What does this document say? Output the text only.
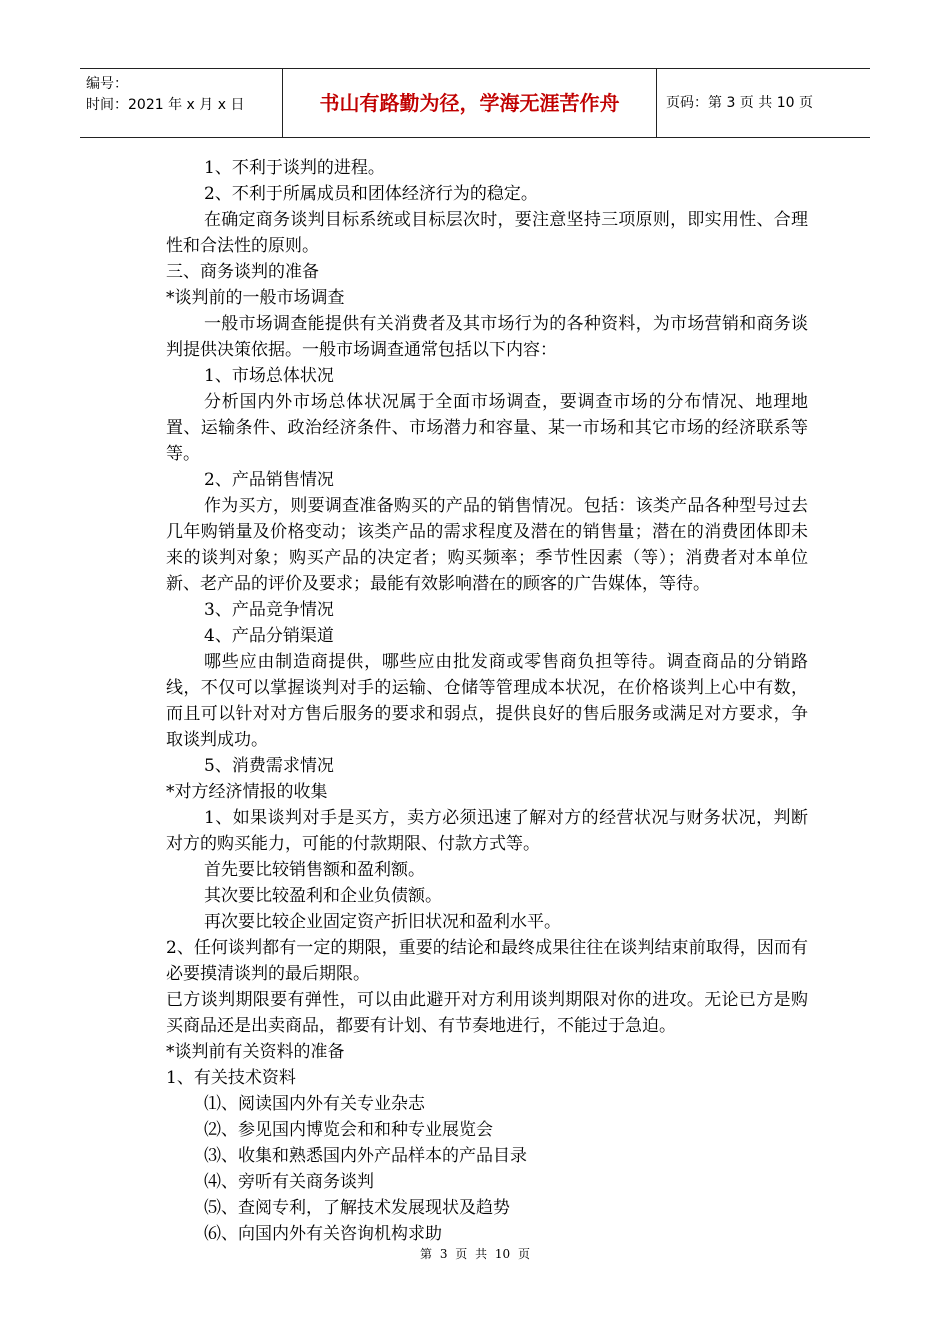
编号：
时间：2021 年 x 月 x 日	书山有路勤为径，学海无涯苦作舟	页码：第 3 页 共 10 页

1、不利于谈判的进程。

2、不利于所属成员和团体经济行为的稳定。

在确定商务谈判目标系统或目标层次时，要注意坚持三项原则，即实用性、合理性和合法性的原则。

三、商务谈判的准备

*谈判前的一般市场调查

一般市场调查能提供有关消费者及其市场行为的各种资料，为市场营销和商务谈判提供决策依据。一般市场调查通常包括以下内容：

1、市场总体状况

分析国内外市场总体状况属于全面市场调查，要调查市场的分布情况、地理地置、运输条件、政治经济条件、市场潜力和容量、某一市场和其它市场的经济联系等等。

2、产品销售情况

作为买方，则要调查准备购买的产品的销售情况。包括：该类产品各种型号过去几年购销量及价格变动；该类产品的需求程度及潜在的销售量；潜在的消费团体即未来的谈判对象；购买产品的决定者；购买频率；季节性因素（等）；消费者对本单位新、老产品的评价及要求；最能有效影响潜在的顾客的广告媒体，等待。

3、产品竞争情况

4、产品分销渠道

哪些应由制造商提供，哪些应由批发商或零售商负担等待。调查商品的分销路线，不仅可以掌握谈判对手的运输、仓储等管理成本状况，在价格谈判上心中有数，而且可以针对对方售后服务的要求和弱点，提供良好的售后服务或满足对方要求，争取谈判成功。

5、消费需求情况

*对方经济情报的收集

1、如果谈判对手是买方，卖方必须迅速了解对方的经营状况与财务状况，判断对方的购买能力，可能的付款期限、付款方式等。

首先要比较销售额和盈利额。

其次要比较盈利和企业负债额。

再次要比较企业固定资产折旧状况和盈利水平。

2、任何谈判都有一定的期限，重要的结论和最终成果往往在谈判结束前取得，因而有必要摸清谈判的最后期限。

已方谈判期限要有弹性，可以由此避开对方利用谈判期限对你的进攻。无论已方是购买商品还是出卖商品，都要有计划、有节奏地进行，不能过于急迫。

*谈判前有关资料的准备

1、有关技术资料

⑴、阅读国内外有关专业杂志

⑵、参见国内博览会和和种专业展览会

⑶、收集和熟悉国内外产品样本的产品目录

⑷、旁听有关商务谈判

⑸、查阅专利，了解技术发展现状及趋势

⑹、向国内外有关咨询机构求助

第 3 页 共 10 页
